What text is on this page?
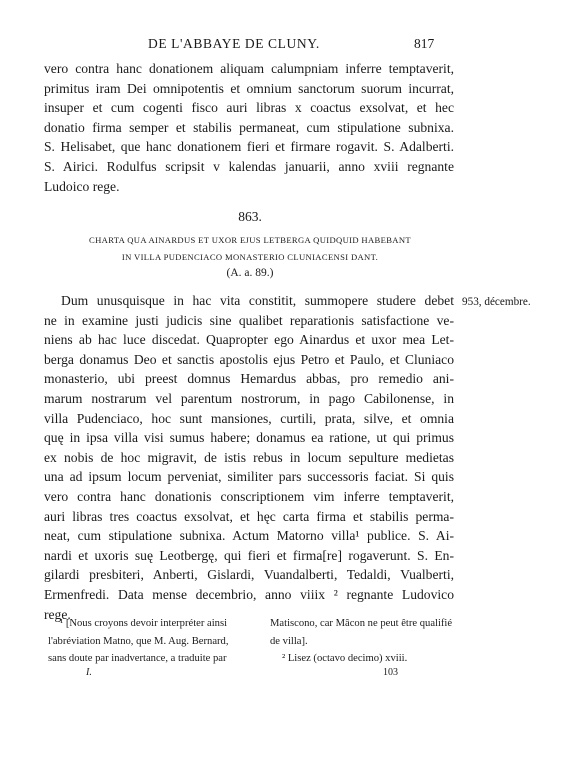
DE L'ABBAYE DE CLUNY.	817
vero contra hanc donationem aliquam calumpniam inferre temptaverit,
primitus iram Dei omnipotentis et omnium sanctorum suorum incurrat,
insuper et cum cogenti fisco auri libras x coactus exsolvat, et hec
donatio firma semper et stabilis permaneat, cum stipulatione subnixa.
S. Helisabet, que hanc donationem fieri et firmare rogavit. S. Adalberti.
S. Airici. Rodulfus scripsit v kalendas januarii, anno xviii regnante
Ludoico rege.
863.
CHARTA QUA AINARDUS ET UXOR EJUS LETBERGA QUIDQUID HABEBANT
IN VILLA PUDENCIACO MONASTERIO CLUNIACENSI DANT.
(A. a. 89.)
953, décembre.
Dum unusquisque in hac vita constitit, summopere studere debet
ne in examine justi judicis sine qualibet reparationis satisfactione ve-
niens ab hac luce discedat. Quapropter ego Ainardus et uxor mea Let-
berga donamus Deo et sanctis apostolis ejus Petro et Paulo, et Cluniaco
monasterio, ubi preest domnus Hemardus abbas, pro remedio ani-
marum nostrarum vel parentum nostrorum, in pago Cabilonense, in
villa Pudenciaco, hoc sunt mansiones, curtili, prata, silve, et omnia
quę in ipsa villa visi sumus habere; donamus ea ratione, ut qui primus
ex nobis de hoc migravit, de istis rebus in locum sepulture medietas
una ad ipsum locum perveniat, similiter pars successoris faciat. Si quis
vero contra hanc donationis conscriptionem vim inferre temptaverit,
auri libras tres coactus exsolvat, et hęc carta firma et stabilis perma-
neat, cum stipulatione subnixa. Actum Matorno villa¹ publice. S. Ai-
nardi et uxoris suę Leotbergę, qui fieri et firma[re] rogaverunt. S. En-
gilardi presbiteri, Anberti, Gislardi, Vuandalberti, Tedaldi, Vualberti,
Ermenfredi. Data mense decembrio, anno viiix ² regnante Ludovico
rege.
¹ [Nous croyons devoir interpréter ainsi
l'abréviation Matno, que M. Aug. Bernard,
sans doute par inadvertance, a traduite par
Matiscono, car Mâcon ne peut être qualifié
de villa].
² Lisez (octavo decimo) xviii.
I.	103
